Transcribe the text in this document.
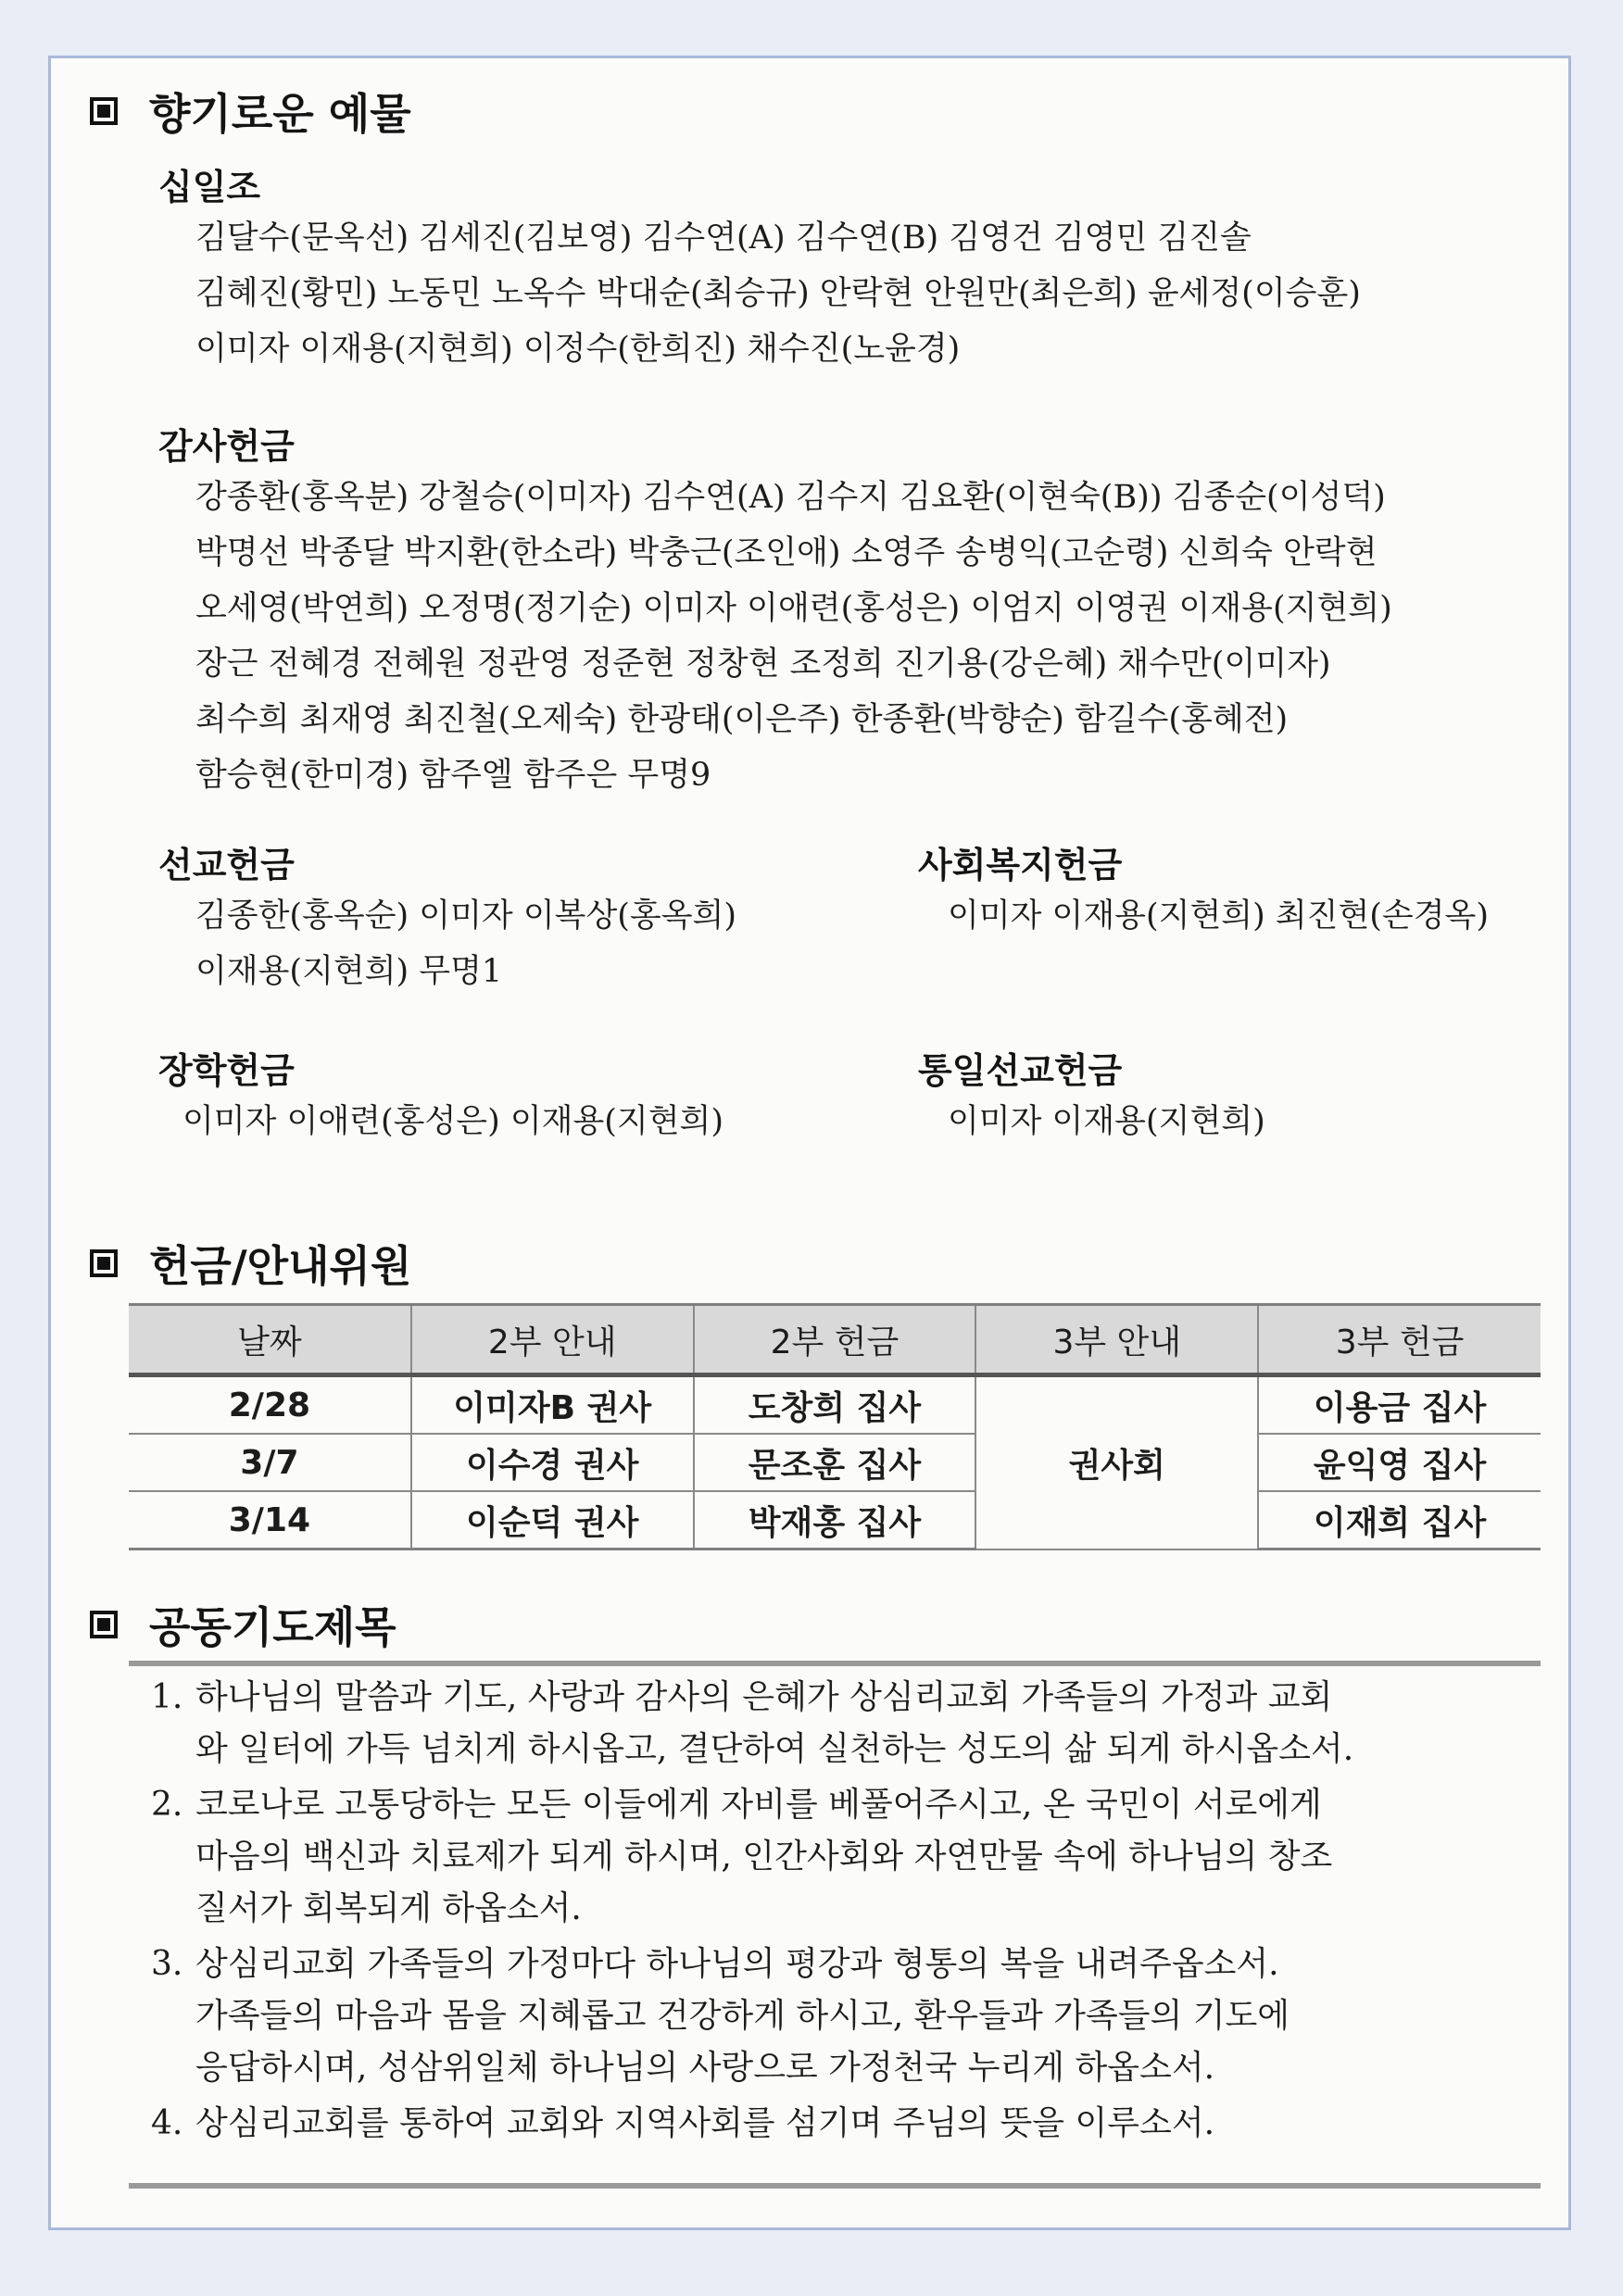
향기로운 예물
십일조
김달수(문옥선) 김세진(김보영) 김수연(A) 김수연(B) 김영건 김영민 김진솔
김혜진(황민) 노동민 노옥수 박대순(최승규) 안락현 안원만(최은희) 윤세정(이승훈)
이미자 이재용(지현희) 이정수(한희진) 채수진(노윤경)
감사헌금
강종환(홍옥분) 강철승(이미자) 김수연(A) 김수지 김요환(이현숙(B)) 김종순(이성덕)
박명선 박종달 박지환(한소라) 박충근(조인애) 소영주 송병익(고순령) 신희숙 안락현
오세영(박연희) 오정명(정기순) 이미자 이애련(홍성은) 이엄지 이영권 이재용(지현희)
장근 전혜경 전혜원 정관영 정준현 정창현 조정희 진기용(강은혜) 채수만(이미자)
최수희 최재영 최진철(오제숙) 한광태(이은주) 한종환(박향순) 함길수(홍혜전)
함승현(한미경) 함주엘 함주은 무명9
선교헌금
김종한(홍옥순) 이미자 이복상(홍옥희)
이재용(지현희) 무명1
사회복지헌금
이미자 이재용(지현희) 최진현(손경옥)
장학헌금
이미자 이애련(홍성은) 이재용(지현희)
통일선교헌금
이미자 이재용(지현희)
헌금/안내위원
날짜	2부 안내	2부 헌금	3부 안내	3부 헌금
2/28	이미자B 권사	도창희 집사	권사회	이용금 집사
3/7	이수경 권사	문조훈 집사		윤익영 집사
3/14	이순덕 권사	박재홍 집사		이재희 집사
공동기도제목
1. 하나님의 말씀과 기도, 사랑과 감사의 은혜가 상심리교회 가족들의 가정과 교회
와 일터에 가득 넘치게 하시옵고, 결단하여 실천하는 성도의 삶 되게 하시옵소서.
2. 코로나로 고통당하는 모든 이들에게 자비를 베풀어주시고, 온 국민이 서로에게
마음의 백신과 치료제가 되게 하시며, 인간사회와 자연만물 속에 하나님의 창조
질서가 회복되게 하옵소서.
3. 상심리교회 가족들의 가정마다 하나님의 평강과 형통의 복을 내려주옵소서.
가족들의 마음과 몸을 지혜롭고 건강하게 하시고, 환우들과 가족들의 기도에
응답하시며, 성삼위일체 하나님의 사랑으로 가정천국 누리게 하옵소서.
4. 상심리교회를 통하여 교회와 지역사회를 섬기며 주님의 뜻을 이루소서.
